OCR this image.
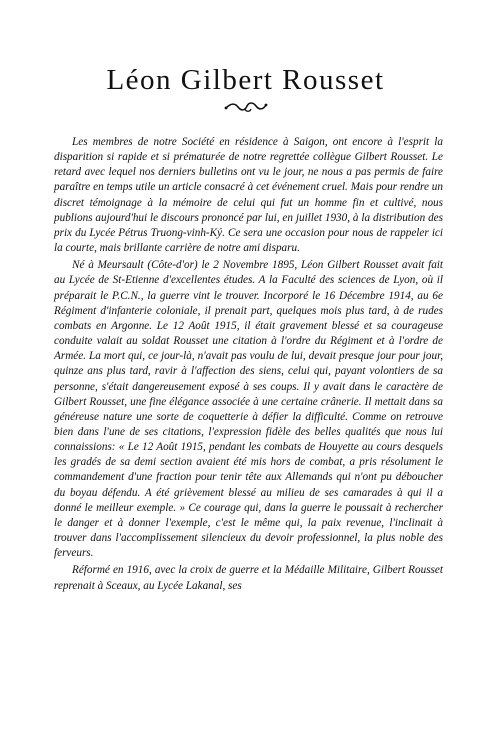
Léon Gilbert Rousset

Les membres de notre Société en résidence à Saigon, ont encore à l'esprit la disparition si rapide et si prématurée de notre regrettée collègue Gilbert Rousset. Le retard avec lequel nos derniers bulletins ont vu le jour, ne nous a pas permis de faire paraître en temps utile un article consacré à cet événement cruel. Mais pour rendre un discret témoignage à la mémoire de celui qui fut un homme fin et cultivé, nous publions aujourd'hui le discours prononcé par lui, en juillet 1930, à la distribution des prix du Lycée Pétrus Truong-vinh-Ký. Ce sera une occasion pour nous de rappeler ici la courte, mais brillante carrière de notre ami disparu.

Né à Meursault (Côte-d'or) le 2 Novembre 1895, Léon Gilbert Rousset avait fait au Lycée de St-Etienne d'excellentes études. A la Faculté des sciences de Lyon, où il préparait le P.C.N., la guerre vint le trouver. Incorporé le 16 Décembre 1914, au 6e Régiment d'infanterie coloniale, il prenait part, quelques mois plus tard, à de rudes combats en Argonne. Le 12 Août 1915, il était gravement blessé et sa courageuse conduite valait au soldat Rousset une citation à l'ordre du Régiment et à l'ordre de Armée. La mort qui, ce jour-là, n'avait pas voulu de lui, devait presque jour pour jour, quinze ans plus tard, ravir à l'affection des siens, celui qui, payant volontiers de sa personne, s'était dangereusement exposé à ses coups. Il y avait dans le caractère de Gilbert Rousset, une fine élégance associée à une certaine crânerie. Il mettait dans sa généreuse nature une sorte de coquetterie à défier la difficulté. Comme on retrouve bien dans l'une de ses citations, l'expression fidèle des belles qualités que nous lui connaissions: « Le 12 Août 1915, pendant les combats de Houyette au cours desquels les gradés de sa demi section avaient été mis hors de combat, a pris résolument le commandement d'une fraction pour tenir tête aux Allemands qui n'ont pu déboucher du boyau défendu. A été grièvement blessé au milieu de ses camarades à qui il a donné le meilleur exemple. » Ce courage qui, dans la guerre le poussait à rechercher le danger et à donner l'exemple, c'est le même qui, la paix revenue, l'inclinait à trouver dans l'accomplissement silencieux du devoir professionnel, la plus noble des ferveurs.

Réformé en 1916, avec la croix de guerre et la Médaille Militaire, Gilbert Rousset reprenait à Sceaux, au Lycée Lakanal, ses
